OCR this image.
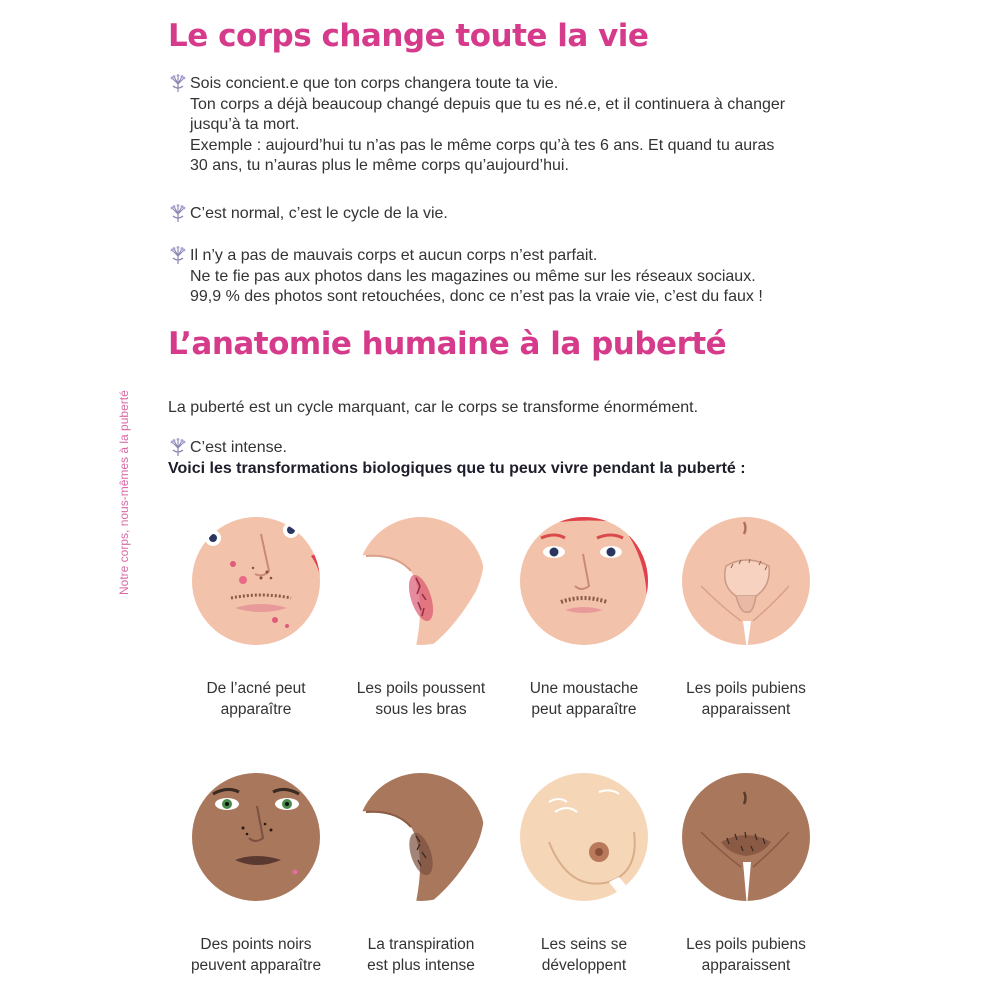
Le corps change toute la vie
Sois concient.e que ton corps changera toute ta vie.
Ton corps a déjà beaucoup changé depuis que tu es né.e, et il continuera à changer
jusqu’à ta mort.
Exemple : aujourd’hui tu n’as pas le même corps qu’à tes 6 ans. Et quand tu auras
30 ans, tu n’auras plus le même corps qu’aujourd’hui.
C’est normal, c’est le cycle de la vie.
Il n’y a pas de mauvais corps et aucun corps n’est parfait.
Ne te fie pas aux photos dans les magazines ou même sur les réseaux sociaux.
99,9 % des photos sont retouchées, donc ce n’est pas la vraie vie, c’est du faux !
L’anatomie humaine à la puberté
La puberté est un cycle marquant, car le corps se transforme énormément.
C’est intense.
Voici les transformations biologiques que tu peux vivre pendant la puberté :
Notre corps, nous-mêmes à la puberté
De l’acné peut
apparaître
Les poils poussent
sous les bras
Une moustache
peut apparaître
Les poils pubiens
apparaissent
Des points noirs
peuvent apparaître
La transpiration
est plus intense
Les seins se
développent
Les poils pubiens
apparaissent
